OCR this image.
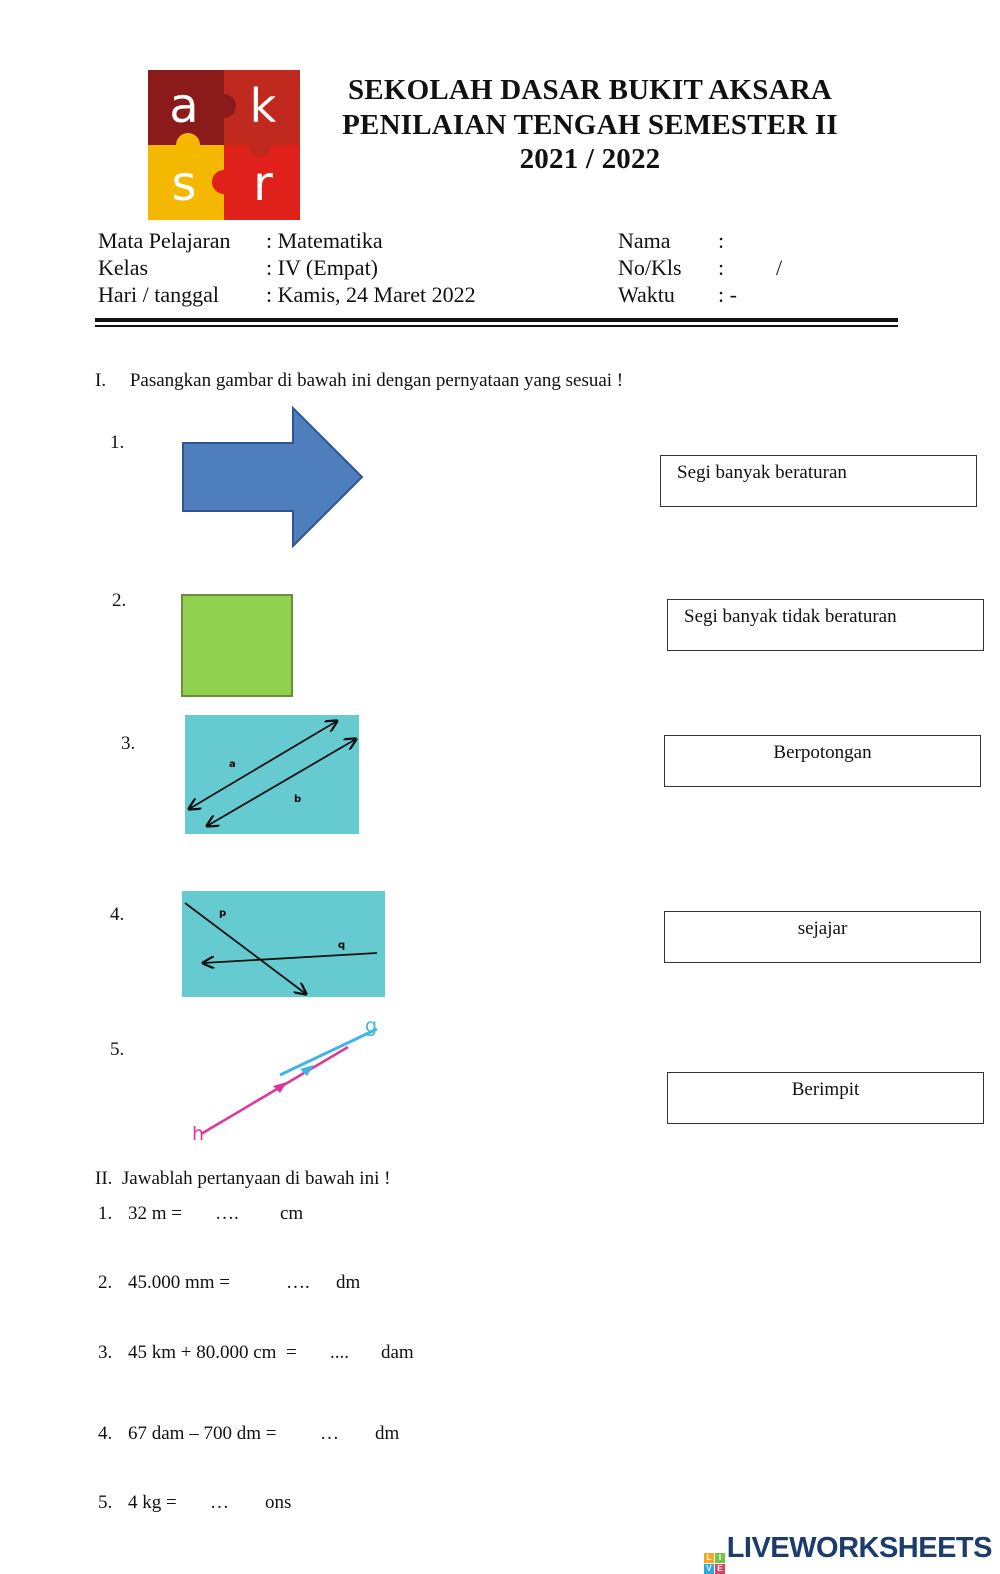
a k
s r
SEKOLAH DASAR BUKIT AKSARA
PENILAIAN TENGAH SEMESTER II
2021 / 2022
Mata Pelajaran : Matematika
Kelas	: IV (Empat)
Hari / tanggal : Kamis, 24 Maret 2022
Nama :
No/Kls : /
Waktu : -
I.     Pasangkan gambar di bawah ini dengan pernyataan yang sesuai !
1.
2.
3.
4.
5.
a
b
p
q
g
h
Segi banyak beraturan
Segi banyak tidak beraturan
Berpotongan
sejajar
Berimpit
II.  Jawablah pertanyaan di bawah ini !
1. 32 m = …. cm
2. 45.000 mm =	…. dm
3. 45 km + 80.000 cm  = .... dam
4. 67 dam – 700 dm = … dm
5. 4 kg = … ons
L I
V E
LIVEWORKSHEETS
